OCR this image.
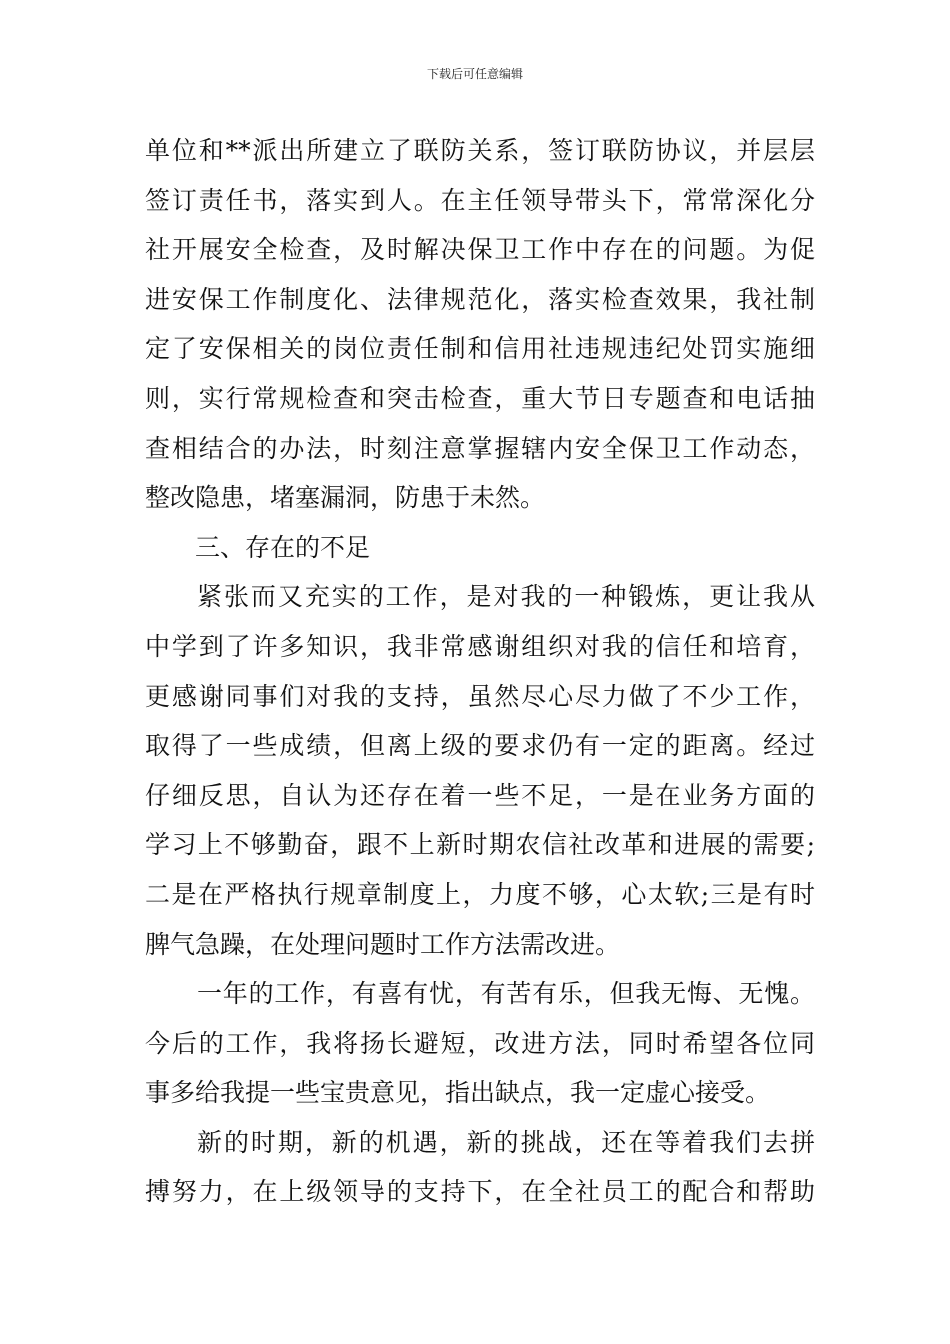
下载后可任意编辑
单位和**派出所建立了联防关系，签订联防协议，并层层
签订责任书，落实到人。在主任领导带头下，常常深化分
社开展安全检查，及时解决保卫工作中存在的问题。为促
进安保工作制度化、法律规范化，落实检查效果，我社制
定了安保相关的岗位责任制和信用社违规违纪处罚实施细
则，实行常规检查和突击检查，重大节日专题查和电话抽
查相结合的办法，时刻注意掌握辖内安全保卫工作动态，
整改隐患，堵塞漏洞，防患于未然。
三、存在的不足
紧张而又充实的工作，是对我的一种锻炼，更让我从
中学到了许多知识，我非常感谢组织对我的信任和培育，
更感谢同事们对我的支持，虽然尽心尽力做了不少工作，
取得了一些成绩，但离上级的要求仍有一定的距离。经过
仔细反思，自认为还存在着一些不足，一是在业务方面的
学习上不够勤奋，跟不上新时期农信社改革和进展的需要;
二是在严格执行规章制度上，力度不够，心太软;三是有时
脾气急躁，在处理问题时工作方法需改进。
一年的工作，有喜有忧，有苦有乐，但我无悔、无愧。
今后的工作，我将扬长避短，改进方法，同时希望各位同
事多给我提一些宝贵意见，指出缺点，我一定虚心接受。
新的时期，新的机遇，新的挑战，还在等着我们去拼
搏努力，在上级领导的支持下，在全社员工的配合和帮助
